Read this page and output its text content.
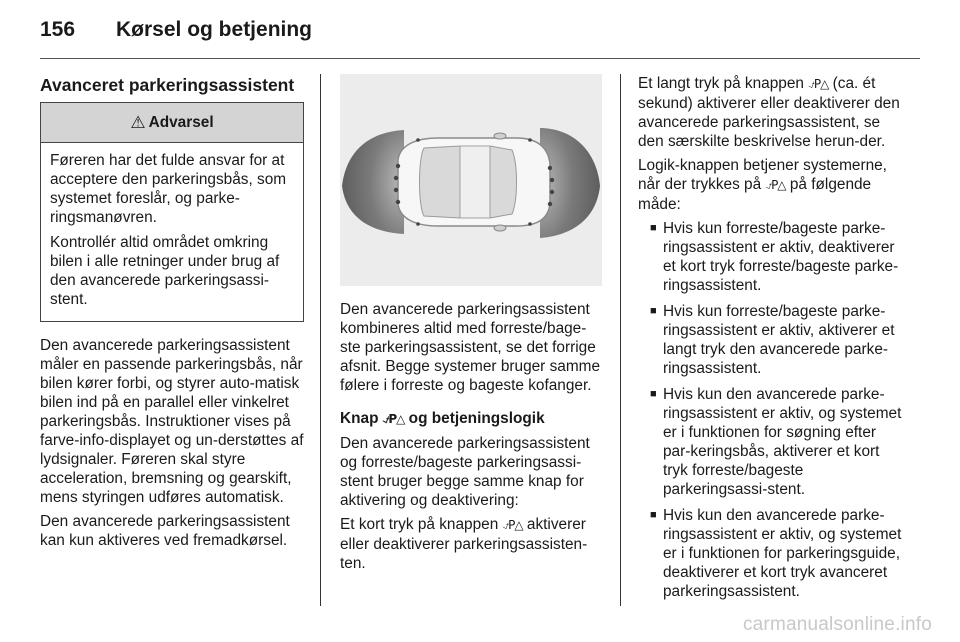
156	Kørsel og betjening
Avanceret parkeringsassistent
⚠ Advarsel

Føreren har det fulde ansvar for at acceptere den parkeringsbås, som systemet foreslår, og parke-ringsmanøvren.

Kontrollér altid området omkring bilen i alle retninger under brug af den avancerede parkeringsassi-stent.

Den avancerede parkeringsassistent måler en passende parkeringsbås, når bilen kører forbi, og styrer auto-matisk bilen ind på en parallel eller vinkelret parkeringsbås. Instruktioner vises på farve-info-displayet og un-derstøttes af lydsignaler. Føreren skal styre acceleration, bremsning og gearskift, mens styringen udføres automatisk.

Den avancerede parkeringsassistent kan kun aktiveres ved fremadkørsel.

Den avancerede parkeringsassistent kombineres altid med forreste/bage-ste parkeringsassistent, se det forrige afsnit. Begge systemer bruger samme følere i forreste og bageste kofanger.

Knap ⍻P△ og betjeningslogik

Den avancerede parkeringsassistent og forreste/bageste parkeringsassi-stent bruger begge samme knap for aktivering og deaktivering:

Et kort tryk på knappen ⍻P△ aktiverer eller deaktiverer parkeringsassisten-ten.

Et langt tryk på knappen ⍻P△ (ca. ét sekund) aktiverer eller deaktiverer den avancerede parkeringsassistent, se den særskilte beskrivelse herun-der.

Logik-knappen betjener systemerne, når der trykkes på ⍻P△ på følgende måde:

■ Hvis kun forreste/bageste parke-ringsassistent er aktiv, deaktiverer et kort tryk forreste/bageste parke-ringsassistent.
■ Hvis kun forreste/bageste parke-ringsassistent er aktiv, aktiverer et langt tryk den avancerede parke-ringsassistent.
■ Hvis kun den avancerede parke-ringsassistent er aktiv, og systemet er i funktionen for søgning efter par-keringsbås, aktiverer et kort tryk forreste/bageste parkeringsassi-stent.
■ Hvis kun den avancerede parke-ringsassistent er aktiv, og systemet er i funktionen for parkeringsguide, deaktiverer et kort tryk avanceret parkeringsassistent.
carmanualsonline.info
